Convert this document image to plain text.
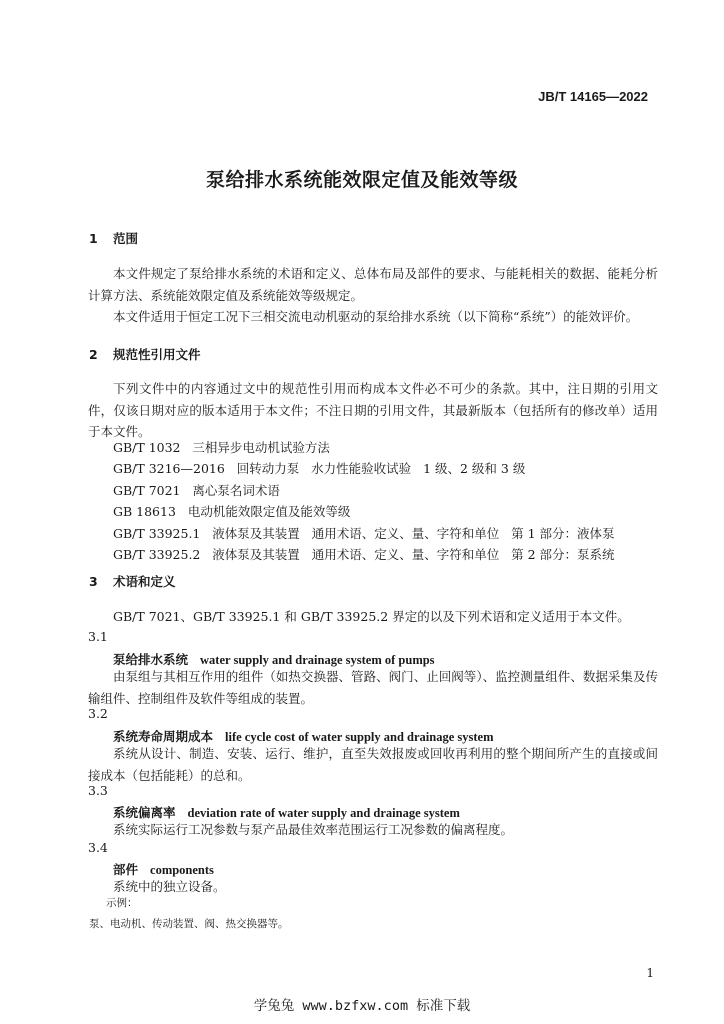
JB/T 14165—2022
泵给排水系统能效限定值及能效等级
1 范围
本文件规定了泵给排水系统的术语和定义、总体布局及部件的要求、与能耗相关的数据、能耗分析计算方法、系统能效限定值及系统能效等级规定。
本文件适用于恒定工况下三相交流电动机驱动的泵给排水系统（以下简称“系统”）的能效评价。
2 规范性引用文件
下列文件中的内容通过文中的规范性引用而构成本文件必不可少的条款。其中，注日期的引用文件，仅该日期对应的版本适用于本文件；不注日期的引用文件，其最新版本（包括所有的修改单）适用于本文件。
GB/T 1032   三相异步电动机试验方法
GB/T 3216—2016   回转动力泵   水力性能验收试验   1 级、2 级和 3 级
GB/T 7021   离心泵名词术语
GB 18613   电动机能效限定值及能效等级
GB/T 33925.1   液体泵及其装置   通用术语、定义、量、字符和单位   第 1 部分：液体泵
GB/T 33925.2   液体泵及其装置   通用术语、定义、量、字符和单位   第 2 部分：泵系统
3 术语和定义
GB/T 7021、GB/T 33925.1 和 GB/T 33925.2 界定的以及下列术语和定义适用于本文件。
3.1
泵给排水系统 water supply and drainage system of pumps
由泵组与其相互作用的组件（如热交换器、管路、阀门、止回阀等）、监控测量组件、数据采集及传输组件、控制组件及软件等组成的装置。
3.2
系统寿命周期成本 life cycle cost of water supply and drainage system
系统从设计、制造、安装、运行、维护，直至失效报废或回收再利用的整个期间所产生的直接或间接成本（包括能耗）的总和。
3.3
系统偏离率 deviation rate of water supply and drainage system
系统实际运行工况参数与泵产品最佳效率范围运行工况参数的偏离程度。
3.4
部件 components
系统中的独立设备。
示例：
泵、电动机、传动装置、阀、热交换器等。
1
学兔兔 www.bzfxw.com 标准下载
